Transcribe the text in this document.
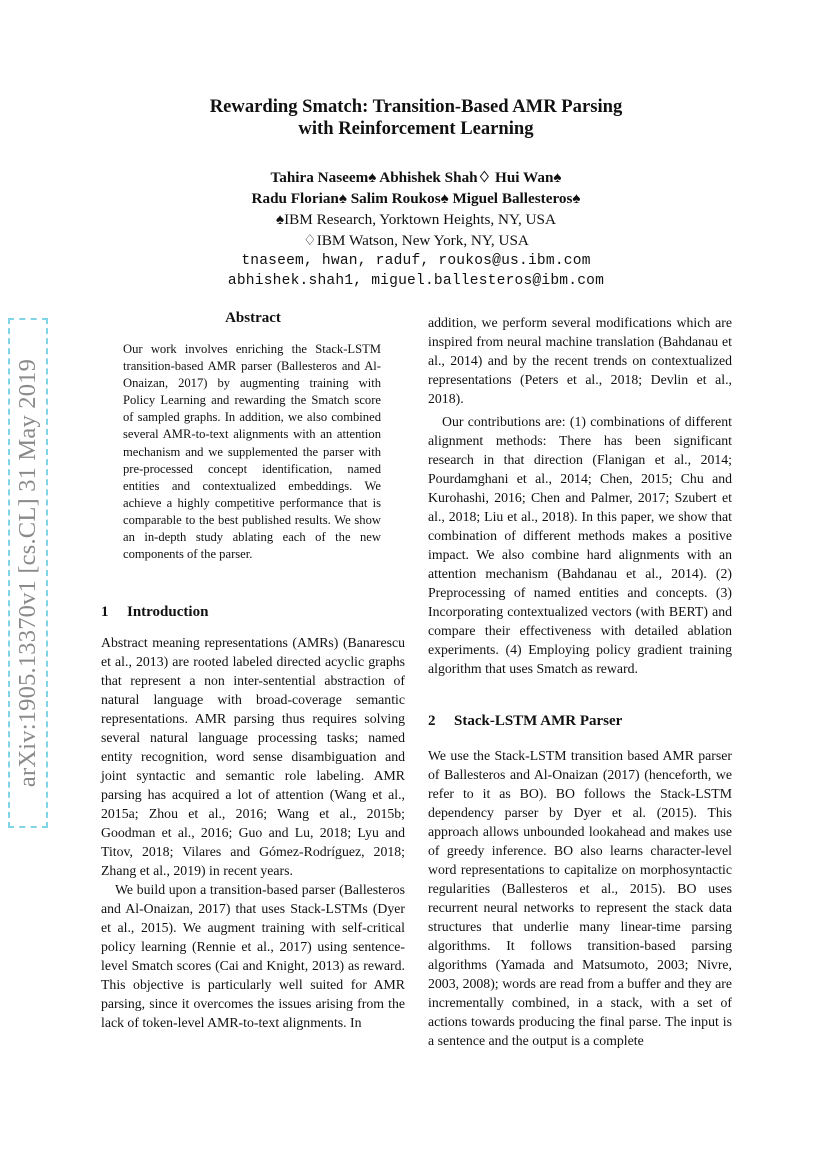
arXiv:1905.13370v1 [cs.CL] 31 May 2019
Rewarding Smatch: Transition-Based AMR Parsing
with Reinforcement Learning
Tahira Naseem♠ Abhishek Shah♢ Hui Wan♠
Radu Florian♠ Salim Roukos♠ Miguel Ballesteros♠
♠IBM Research, Yorktown Heights, NY, USA
♢IBM Watson, New York, NY, USA
tnaseem, hwan, raduf, roukos@us.ibm.com
abhishek.shah1, miguel.ballesteros@ibm.com
Abstract
Our work involves enriching the Stack-LSTM transition-based AMR parser (Ballesteros and Al-Onaizan, 2017) by augmenting training with Policy Learning and rewarding the Smatch score of sampled graphs. In addition, we also combined several AMR-to-text alignments with an attention mechanism and we supplemented the parser with pre-processed concept identification, named entities and contextualized embeddings. We achieve a highly competitive performance that is comparable to the best published results. We show an in-depth study ablating each of the new components of the parser.
1 Introduction

Abstract meaning representations (AMRs) (Banarescu et al., 2013) are rooted labeled directed acyclic graphs that represent a non inter-sentential abstraction of natural language with broad-coverage semantic representations. AMR parsing thus requires solving several natural language processing tasks; named entity recognition, word sense disambiguation and joint syntactic and semantic role labeling. AMR parsing has acquired a lot of attention (Wang et al., 2015a; Zhou et al., 2016; Wang et al., 2015b; Goodman et al., 2016; Guo and Lu, 2018; Lyu and Titov, 2018; Vilares and Gómez-Rodríguez, 2018; Zhang et al., 2019) in recent years.

We build upon a transition-based parser (Ballesteros and Al-Onaizan, 2017) that uses Stack-LSTMs (Dyer et al., 2015). We augment training with self-critical policy learning (Rennie et al., 2017) using sentence-level Smatch scores (Cai and Knight, 2013) as reward. This objective is particularly well suited for AMR parsing, since it overcomes the issues arising from the lack of token-level AMR-to-text alignments. In

addition, we perform several modifications which are inspired from neural machine translation (Bahdanau et al., 2014) and by the recent trends on contextualized representations (Peters et al., 2018; Devlin et al., 2018).

Our contributions are: (1) combinations of different alignment methods: There has been significant research in that direction (Flanigan et al., 2014; Pourdamghani et al., 2014; Chen, 2015; Chu and Kurohashi, 2016; Chen and Palmer, 2017; Szubert et al., 2018; Liu et al., 2018). In this paper, we show that combination of different methods makes a positive impact. We also combine hard alignments with an attention mechanism (Bahdanau et al., 2014). (2) Preprocessing of named entities and concepts. (3) Incorporating contextualized vectors (with BERT) and compare their effectiveness with detailed ablation experiments. (4) Employing policy gradient training algorithm that uses Smatch as reward.

2 Stack-LSTM AMR Parser

We use the Stack-LSTM transition based AMR parser of Ballesteros and Al-Onaizan (2017) (henceforth, we refer to it as BO). BO follows the Stack-LSTM dependency parser by Dyer et al. (2015). This approach allows unbounded lookahead and makes use of greedy inference. BO also learns character-level word representations to capitalize on morphosyntactic regularities (Ballesteros et al., 2015). BO uses recurrent neural networks to represent the stack data structures that underlie many linear-time parsing algorithms. It follows transition-based parsing algorithms (Yamada and Matsumoto, 2003; Nivre, 2003, 2008); words are read from a buffer and they are incrementally combined, in a stack, with a set of actions towards producing the final parse. The input is a sentence and the output is a complete
